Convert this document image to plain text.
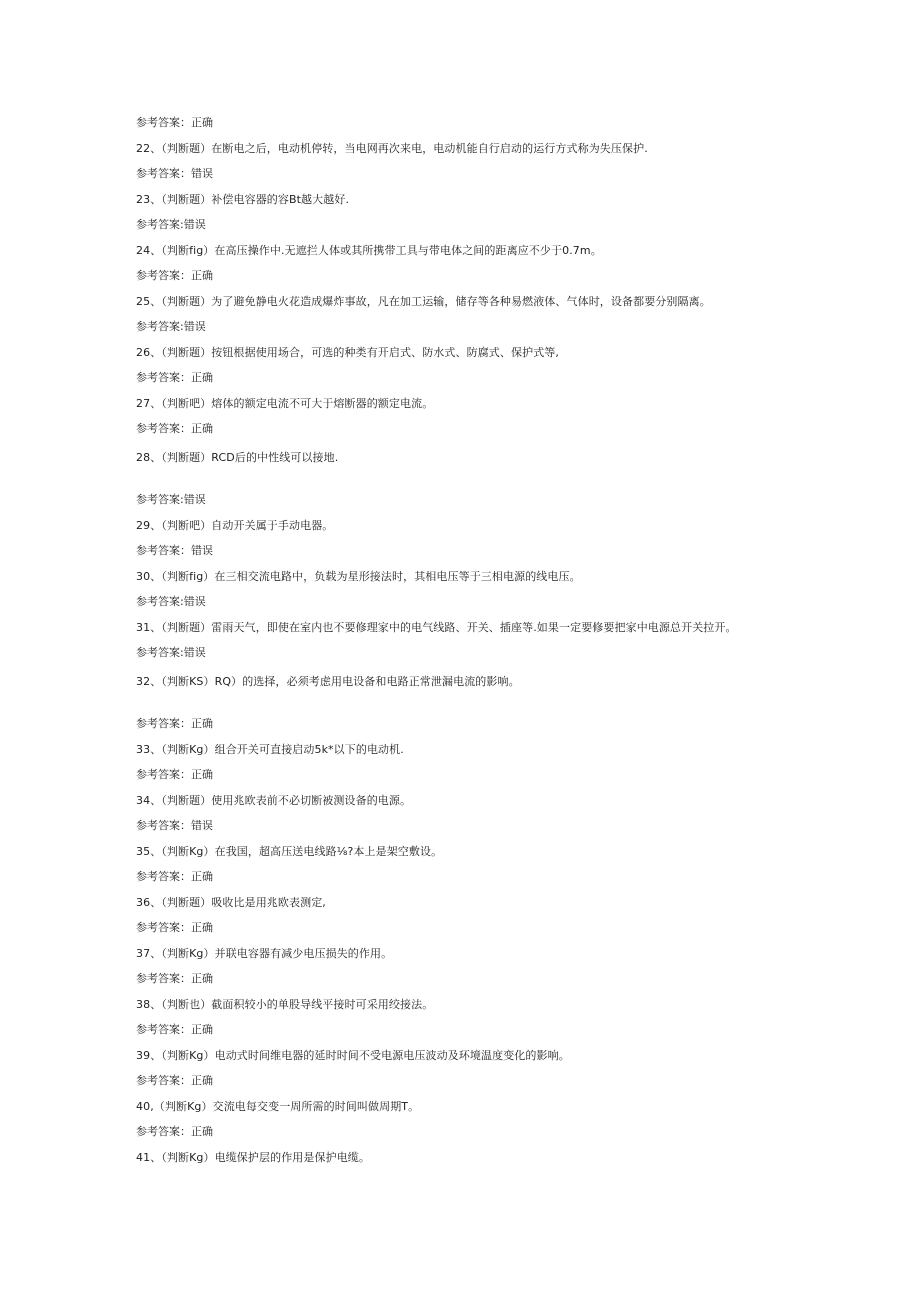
参考答案：正确
22、（判断题）在断电之后，电动机停转，当电网再次来电，电动机能自行启动的运行方式称为失压保护.
参考答案：错误
23、（判断题）补偿电容器的容Bt越大越好.
参考答案:错误
24、（判断fig）在高压操作中.无遮拦人体或其所携带工具与带电体之间的距离应不少于0.7m。
参考答案：正确
25、（判断题）为了避免静电火花造成爆炸事故，凡在加工运输，储存等各种易燃液体、气体时，设备都要分别隔离。
参考答案:错误
26、（判断题）按钮根据使用场合，可选的种类有开启式、防水式、防腐式、保护式等,
参考答案：正确
27、（判断吧）熔体的额定电流不可大于熔断器的额定电流。
参考答案：正确
28、（判断题）RCD后的中性线可以接地.
参考答案:错误
29、（判断吧）自动开关属于手动电器。
参考答案：错误
30、（判断fig）在三相交流电路中，负载为星形接法时，其相电压等于三相电源的线电压。
参考答案:错误
31、（判断题）雷雨天气，即使在室内也不要修理家中的电气线路、开关、插座等.如果一定要修要把家中电源总开关拉开。
参考答案:错误
32、（判断KS）RQ）的选择，必须考虑用电设备和电路正常泄漏电流的影响。
参考答案：正确
33、（判断Kg）组合开关可直接启动5k*以下的电动机.
参考答案：正确
34、（判断题）使用兆欧表前不必切断被测设备的电源。
参考答案：错误
35、（判断Kg）在我国，超高压送电线路⅛?本上是架空敷设。
参考答案：正确
36、（判断题）吸收比是用兆欧表测定,
参考答案：正确
37、（判断Kg）并联电容器有减少电压损失的作用。
参考答案：正确
38、（判断也）截面积较小的单股导线平接时可采用绞接法。
参考答案：正确
39、（判断Kg）电动式时间维电器的延时时间不受电源电压波动及环境温度变化的影响。
参考答案：正确
40,（判断Kg）交流电每交变一周所需的时间叫做周期T。
参考答案：正确
41、（判断Kg）电缆保护层的作用是保护电缆。
